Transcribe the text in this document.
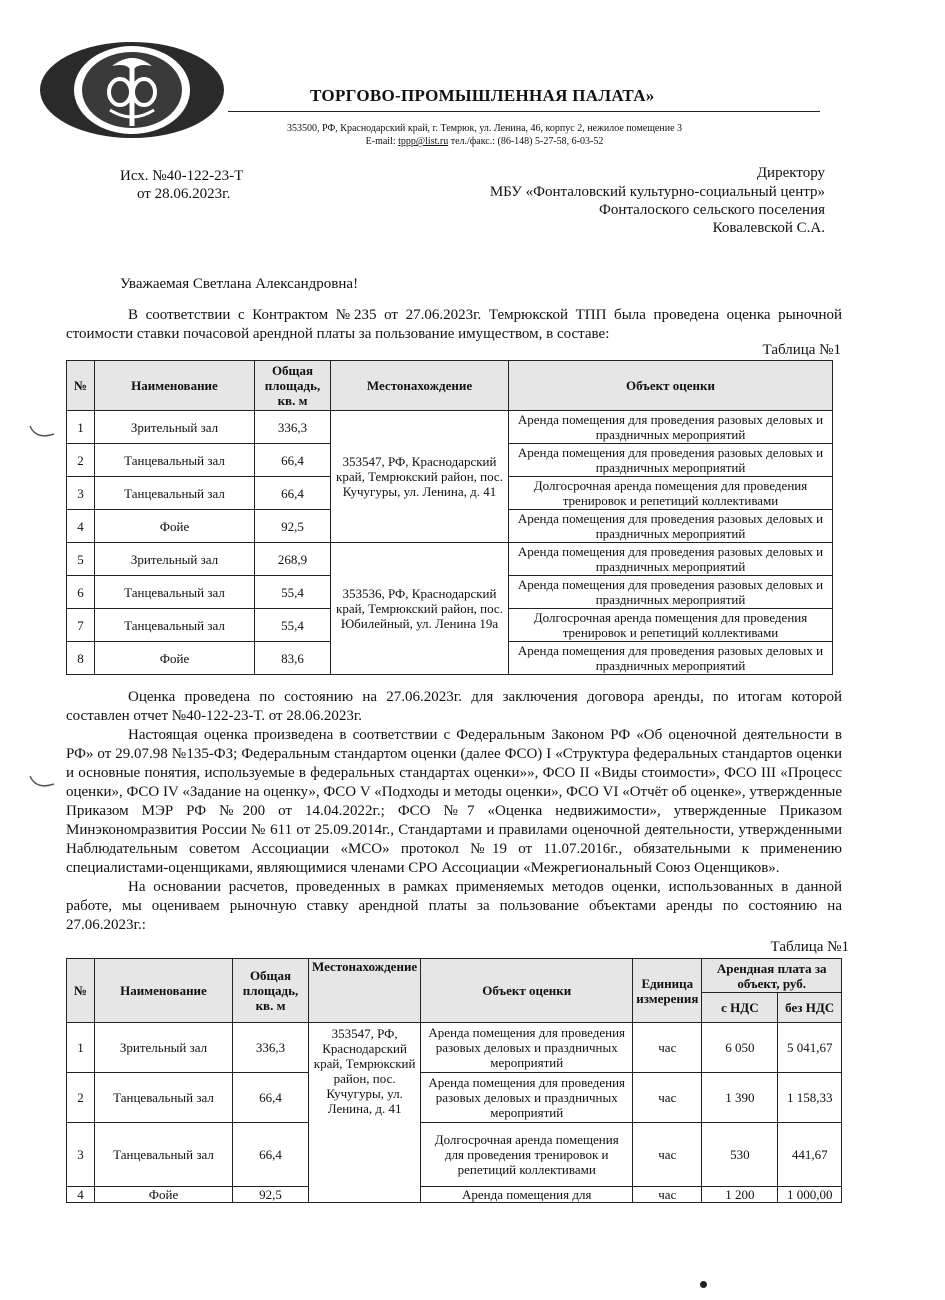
ТОРГОВО-ПРОМЫШЛЕННАЯ ПАЛАТА»
353500, РФ, Краснодарский край, г. Темрюк, ул. Ленина, 46, корпус 2, нежилое помещение 3
E-mail: tppp@list.ru тел./факс.: (86-148) 5-27-58, 6-03-52
Исх. №40-122-23-Т
от 28.06.2023г.
Директору
МБУ «Фонталовский культурно-социальный центр»
Фонталоского сельского поселения
Ковалевской С.А.
Уважаемая Светлана Александровна!

В соответствии с Контрактом №235 от 27.06.2023г. Темрюкской ТПП была проведена оценка рыночной стоимости ставки почасовой арендной платы за пользование имуществом, в составе:

Таблица №1
№	Наименование	Общая площадь, кв. м	Местонахождение	Объект оценки
1	Зрительный зал	336,3	353547, РФ, Краснодарский край, Темрюкский район, пос. Кучугуры, ул. Ленина, д. 41	Аренда помещения для проведения разовых деловых и праздничных мероприятий
2	Танцевальный зал	66,4		Аренда помещения для проведения разовых деловых и праздничных мероприятий
3	Танцевальный зал	66,4		Долгосрочная аренда помещения для проведения тренировок и репетиций коллективами
4	Фойе	92,5		Аренда помещения для проведения разовых деловых и праздничных мероприятий
5	Зрительный зал	268,9	353536, РФ, Краснодарский край, Темрюкский район, пос. Юбилейный, ул. Ленина 19а	Аренда помещения для проведения разовых деловых и праздничных мероприятий
6	Танцевальный зал	55,4		Аренда помещения для проведения разовых деловых и праздничных мероприятий
7	Танцевальный зал	55,4		Долгосрочная аренда помещения для проведения тренировок и репетиций коллективами
8	Фойе	83,6		Аренда помещения для проведения разовых деловых и праздничных мероприятий

Оценка проведена по состоянию на 27.06.2023г. для заключения договора аренды, по итогам которой составлен отчет №40-122-23-Т. от 28.06.2023г.

Настоящая оценка произведена в соответствии с Федеральным Законом РФ «Об оценочной деятельности в РФ» от 29.07.98 №135-ФЗ; Федеральным стандартом оценки (далее ФСО) I «Структура федеральных стандартов оценки и основные понятия, используемые в федеральных стандартах оценки»», ФСО II «Виды стоимости», ФСО III «Процесс оценки», ФСО IV «Задание на оценку», ФСО V «Подходы и методы оценки», ФСО VI «Отчёт об оценке», утвержденные Приказом МЭР РФ №200 от 14.04.2022г.; ФСО №7 «Оценка недвижимости», утвержденные Приказом Минэкономразвития России № 611 от 25.09.2014г., Стандартами и правилами оценочной деятельности, утвержденными Наблюдательным советом Ассоциации «МСО» протокол №19 от 11.07.2016г., обязательными к применению специалистами-оценщиками, являющимися членами СРО Ассоциации «Межрегиональный Союз Оценщиков».

На основании расчетов, проведенных в рамках применяемых методов оценки, использованных в данной работе, мы оцениваем рыночную ставку арендной платы за пользование объектами аренды по состоянию на 27.06.2023г.:

Таблица №1
№	Наименование	Общая площадь, кв. м	Местонахождение	Объект оценки	Единица измерения	Арендная плата за объект, руб.	
						с НДС	без НДС
1	Зрительный зал	336,3	353547, РФ, Краснодарский край, Темрюкский район, пос. Кучугуры, ул. Ленина, д. 41	Аренда помещения для проведения разовых деловых и праздничных мероприятий	час	6 050	5 041,67
2	Танцевальный зал	66,4		Аренда помещения для проведения разовых деловых и праздничных мероприятий	час	1 390	1 158,33
3	Танцевальный зал	66,4		Долгосрочная аренда помещения для проведения тренировок и репетиций коллективами	час	530	441,67
4	Фойе	92,5		Аренда помещения для	час	1 200	1 000,00
